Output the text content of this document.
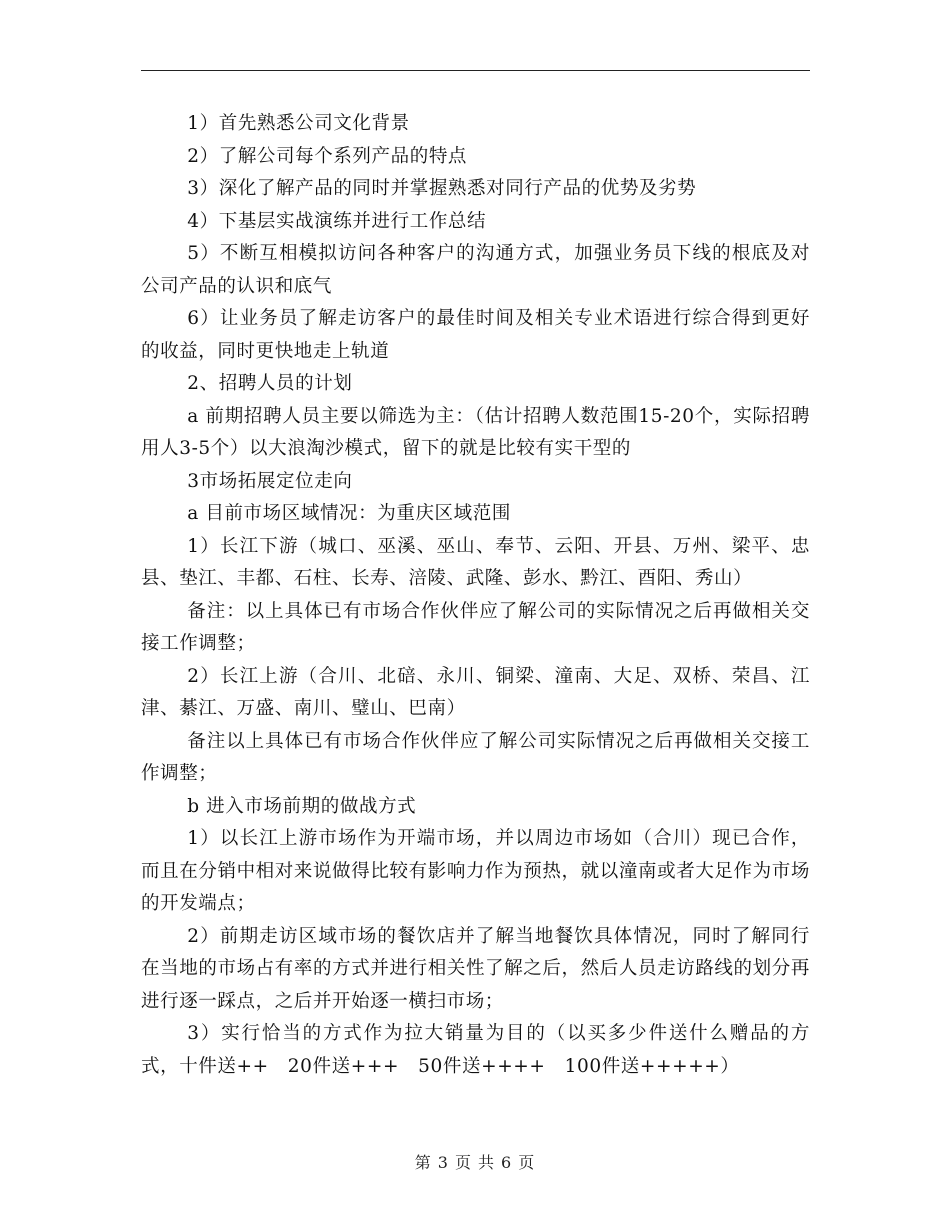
1）首先熟悉公司文化背景

2）了解公司每个系列产品的特点

3）深化了解产品的同时并掌握熟悉对同行产品的优势及劣势

4）下基层实战演练并进行工作总结

5）不断互相模拟访问各种客户的沟通方式，加强业务员下线的根底及对公司产品的认识和底气

6）让业务员了解走访客户的最佳时间及相关专业术语进行综合得到更好的收益，同时更快地走上轨道

2、招聘人员的计划

a 前期招聘人员主要以筛选为主：（估计招聘人数范围15-20个，实际招聘用人3-5个）以大浪淘沙模式，留下的就是比较有实干型的

3市场拓展定位走向

a 目前市场区域情况：为重庆区域范围

1）长江下游（城口、巫溪、巫山、奉节、云阳、开县、万州、梁平、忠县、垫江、丰都、石柱、长寿、涪陵、武隆、彭水、黔江、酉阳、秀山）

备注：以上具体已有市场合作伙伴应了解公司的实际情况之后再做相关交接工作调整；

2）长江上游（合川、北碚、永川、铜梁、潼南、大足、双桥、荣昌、江津、綦江、万盛、南川、璧山、巴南）

备注以上具体已有市场合作伙伴应了解公司实际情况之后再做相关交接工作调整；

b 进入市场前期的做战方式

1）以长江上游市场作为开端市场，并以周边市场如（合川）现已合作，而且在分销中相对来说做得比较有影响力作为预热，就以潼南或者大足作为市场的开发端点；

2）前期走访区域市场的餐饮店并了解当地餐饮具体情况，同时了解同行在当地的市场占有率的方式并进行相关性了解之后，然后人员走访路线的划分再进行逐一踩点，之后并开始逐一横扫市场；

3）实行恰当的方式作为拉大销量为目的（以买多少件送什么赠品的方式，十件送++　20件送+++　50件送++++　100件送+++++）

第 3 页 共 6 页
